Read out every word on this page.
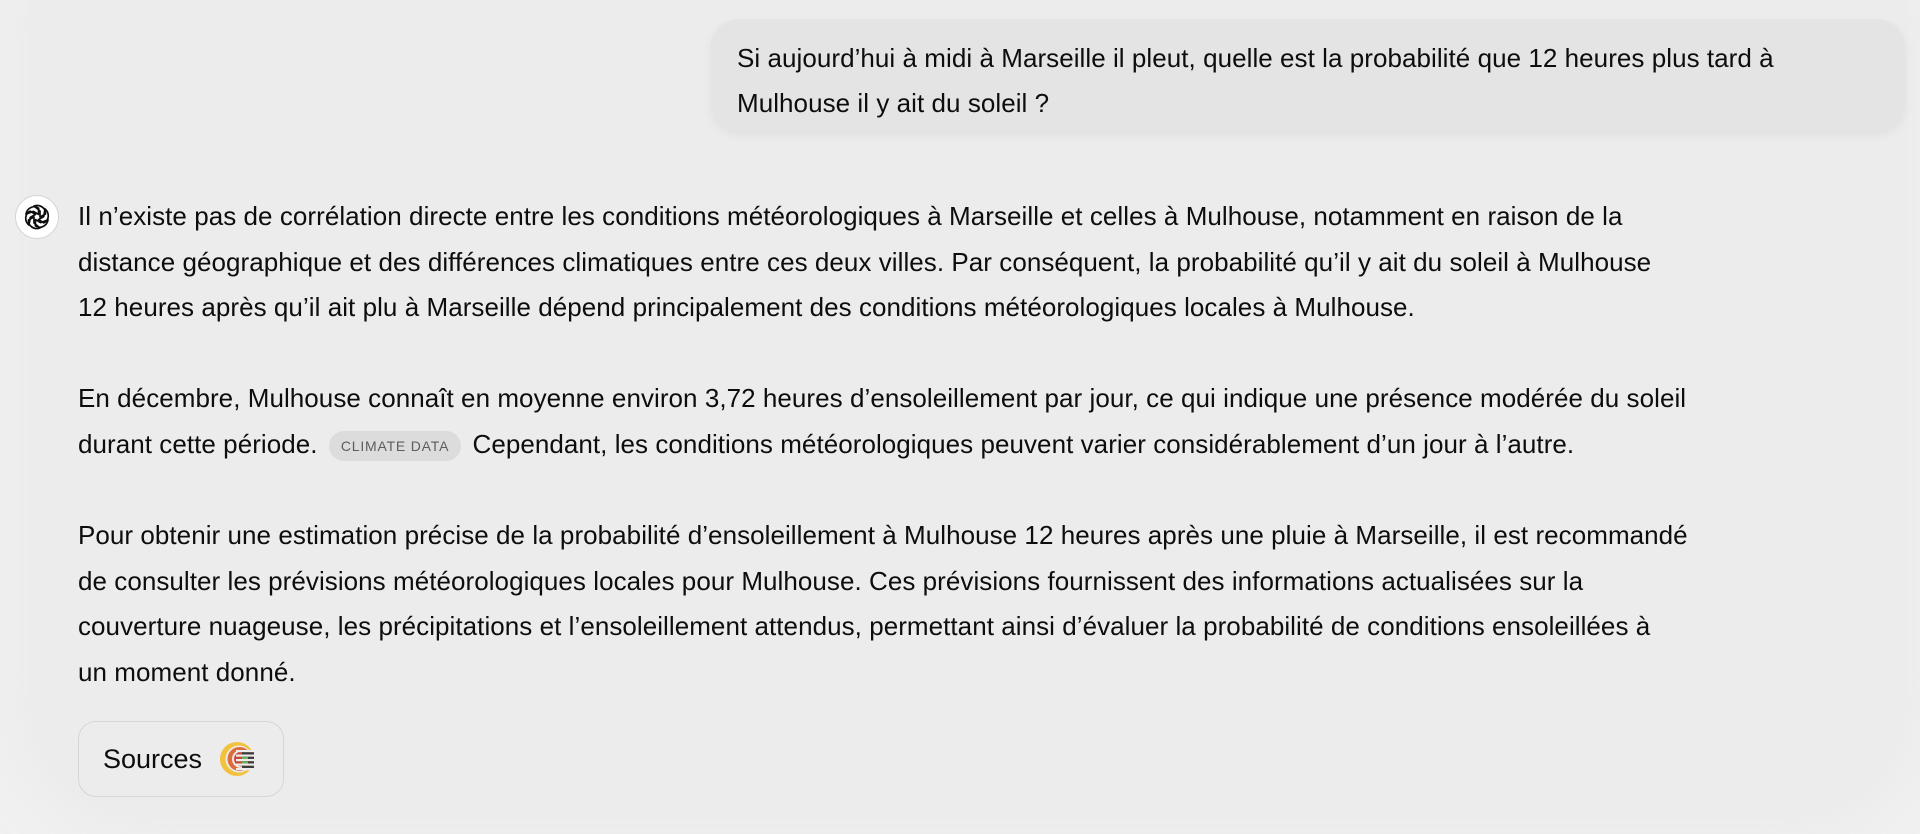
Si aujourd’hui à midi à Marseille il pleut, quelle est la probabilité que 12 heures plus tard à
Mulhouse il y ait du soleil ?

Il n’existe pas de corrélation directe entre les conditions météorologiques à Marseille et celles à Mulhouse, notamment en raison de la
distance géographique et des différences climatiques entre ces deux villes. Par conséquent, la probabilité qu’il y ait du soleil à Mulhouse
12 heures après qu’il ait plu à Marseille dépend principalement des conditions météorologiques locales à Mulhouse.

En décembre, Mulhouse connaît en moyenne environ 3,72 heures d’ensoleillement par jour, ce qui indique une présence modérée du soleil
durant cette période. CLIMATE DATA Cependant, les conditions météorologiques peuvent varier considérablement d’un jour à l’autre.

Pour obtenir une estimation précise de la probabilité d’ensoleillement à Mulhouse 12 heures après une pluie à Marseille, il est recommandé
de consulter les prévisions météorologiques locales pour Mulhouse. Ces prévisions fournissent des informations actualisées sur la
couverture nuageuse, les précipitations et l’ensoleillement attendus, permettant ainsi d’évaluer la probabilité de conditions ensoleillées à
un moment donné.

Sources
